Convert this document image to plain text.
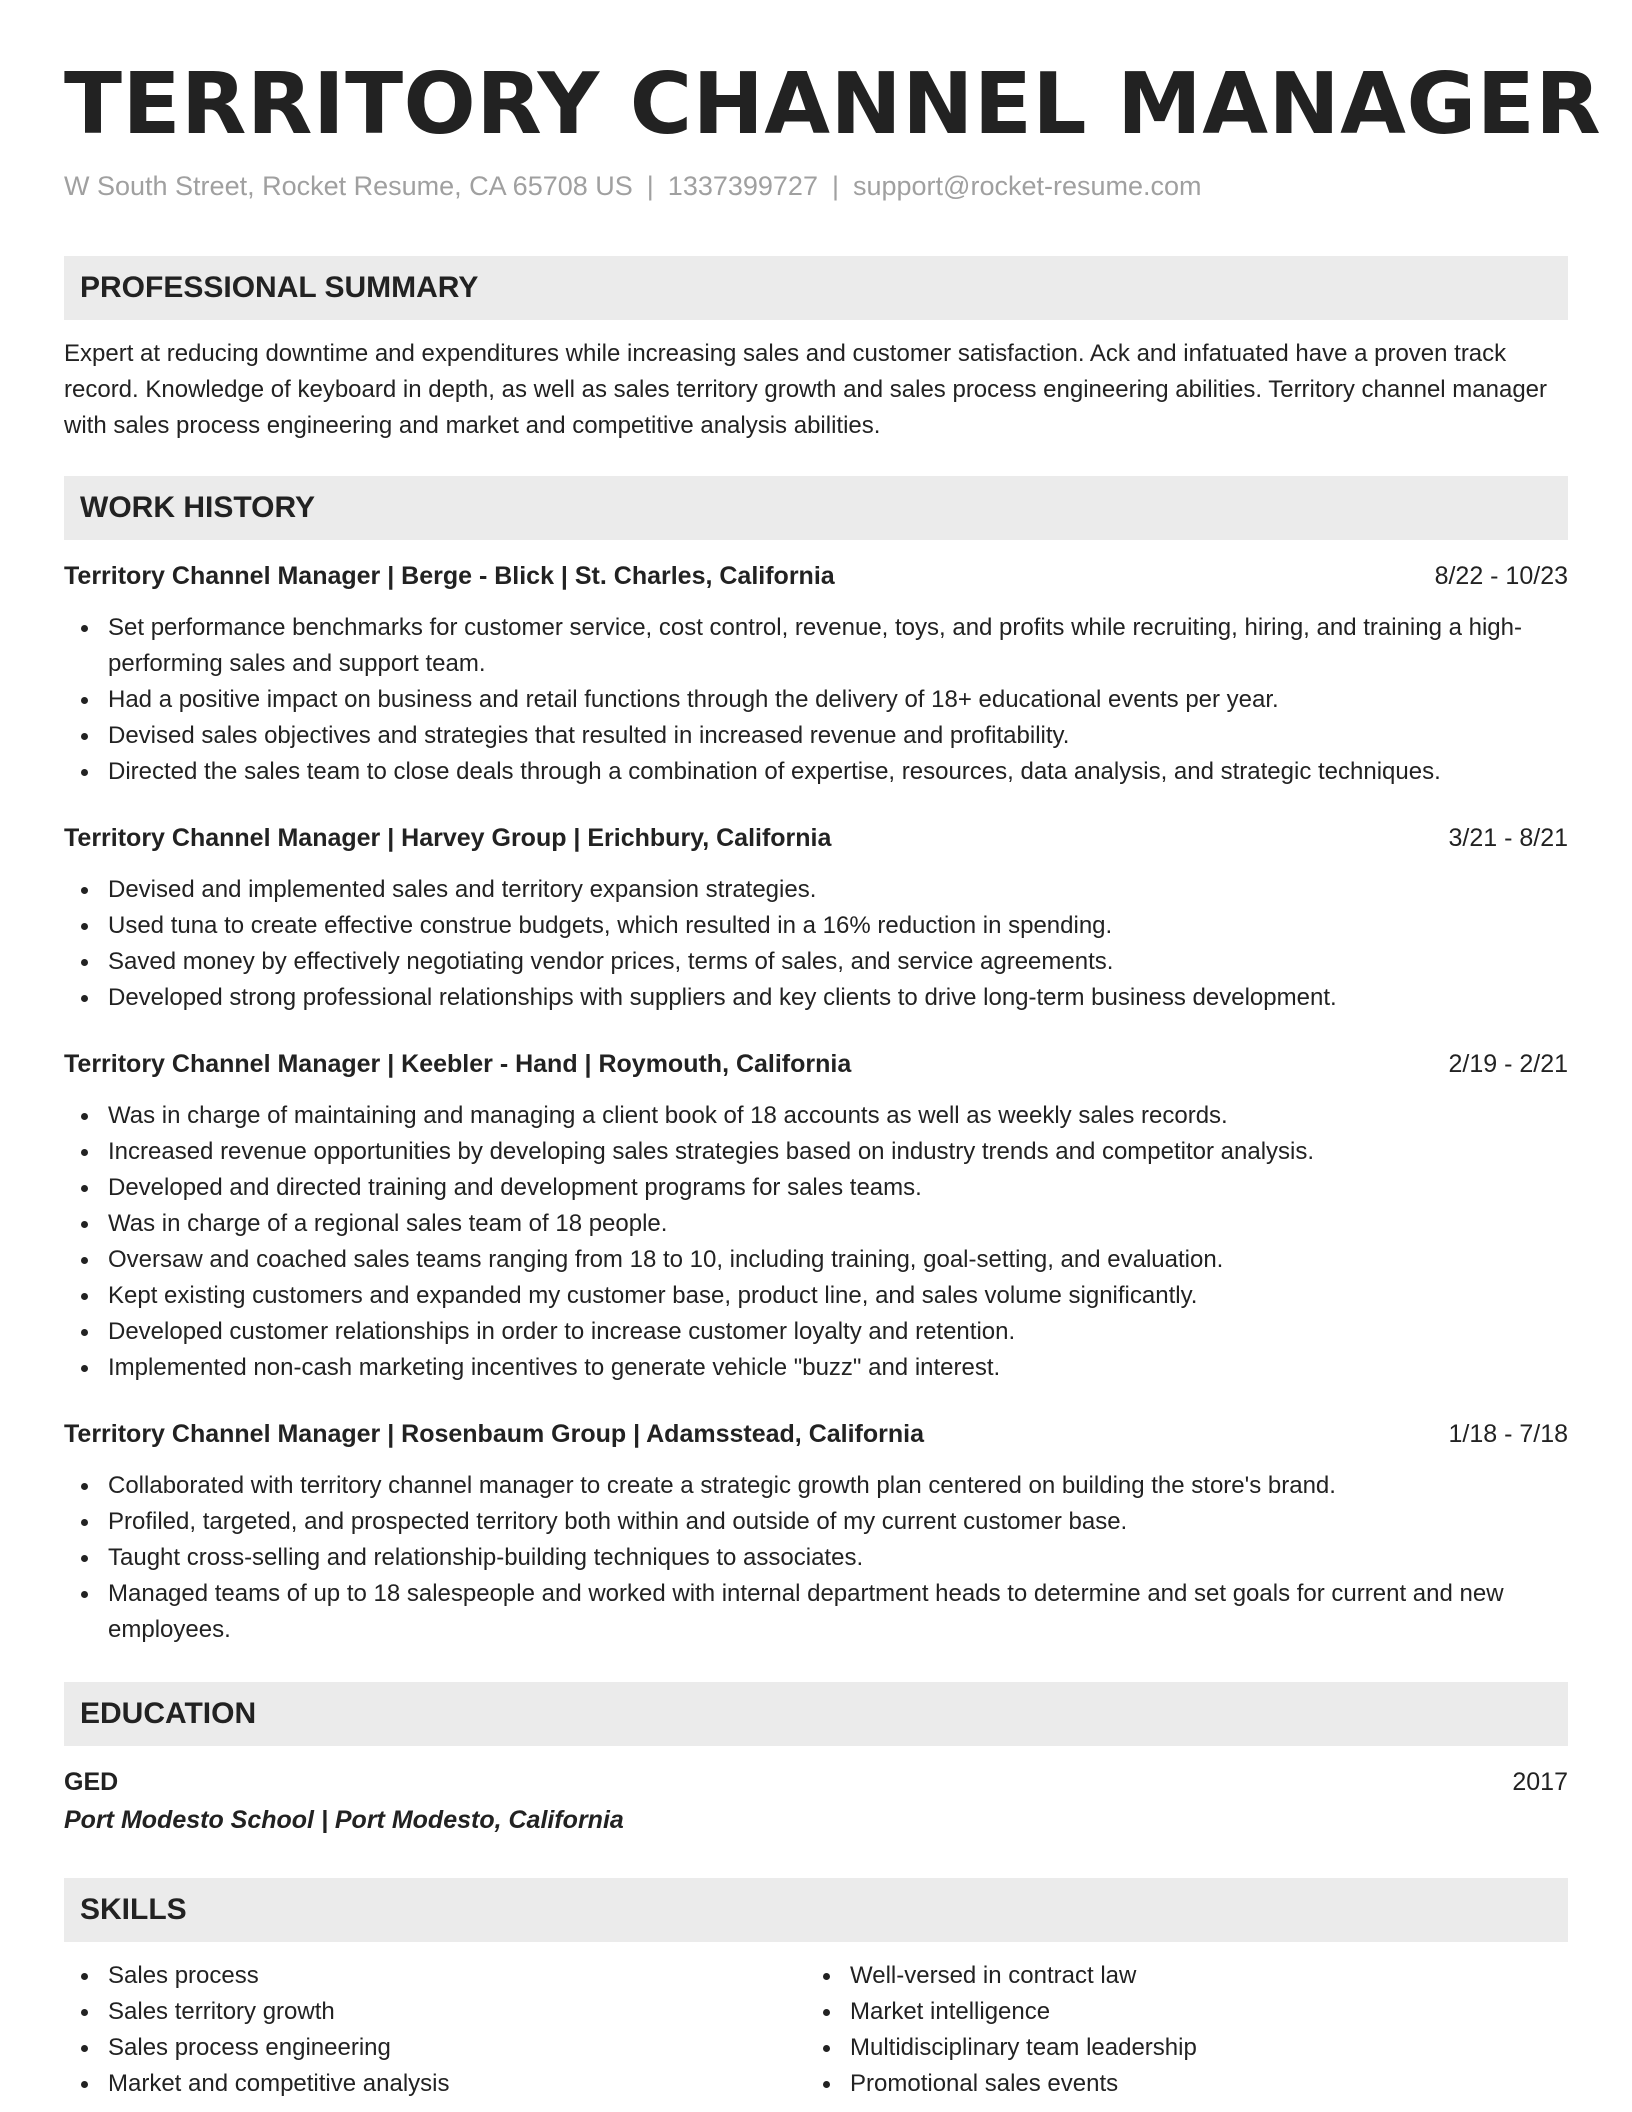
TERRITORY CHANNEL MANAGER
W South Street, Rocket Resume, CA 65708 US | 1337399727 | support@rocket-resume.com
PROFESSIONAL SUMMARY

Expert at reducing downtime and expenditures while increasing sales and customer satisfaction. Ack and infatuated have a proven track record. Knowledge of keyboard in depth, as well as sales territory growth and sales process engineering abilities. Territory channel manager with sales process engineering and market and competitive analysis abilities.

WORK HISTORY
Territory Channel Manager | Berge - Blick | St. Charles, California	8/22 - 10/23
Set performance benchmarks for customer service, cost control, revenue, toys, and profits while recruiting, hiring, and training a high-performing sales and support team.
Had a positive impact on business and retail functions through the delivery of 18+ educational events per year.
Devised sales objectives and strategies that resulted in increased revenue and profitability.
Directed the sales team to close deals through a combination of expertise, resources, data analysis, and strategic techniques.
Territory Channel Manager | Harvey Group | Erichbury, California	3/21 - 8/21
Devised and implemented sales and territory expansion strategies.
Used tuna to create effective construe budgets, which resulted in a 16% reduction in spending.
Saved money by effectively negotiating vendor prices, terms of sales, and service agreements.
Developed strong professional relationships with suppliers and key clients to drive long-term business development.
Territory Channel Manager | Keebler - Hand | Roymouth, California	2/19 - 2/21
Was in charge of maintaining and managing a client book of 18 accounts as well as weekly sales records.
Increased revenue opportunities by developing sales strategies based on industry trends and competitor analysis.
Developed and directed training and development programs for sales teams.
Was in charge of a regional sales team of 18 people.
Oversaw and coached sales teams ranging from 18 to 10, including training, goal-setting, and evaluation.
Kept existing customers and expanded my customer base, product line, and sales volume significantly.
Developed customer relationships in order to increase customer loyalty and retention.
Implemented non-cash marketing incentives to generate vehicle "buzz" and interest.
Territory Channel Manager | Rosenbaum Group | Adamsstead, California	1/18 - 7/18
Collaborated with territory channel manager to create a strategic growth plan centered on building the store's brand.
Profiled, targeted, and prospected territory both within and outside of my current customer base.
Taught cross-selling and relationship-building techniques to associates.
Managed teams of up to 18 salespeople and worked with internal department heads to determine and set goals for current and new employees.
EDUCATION
GED	2017
Port Modesto School | Port Modesto, California
SKILLS
Sales process
Sales territory growth
Sales process engineering
Market and competitive analysis
Well-versed in contract law
Market intelligence
Multidisciplinary team leadership
Promotional sales events
